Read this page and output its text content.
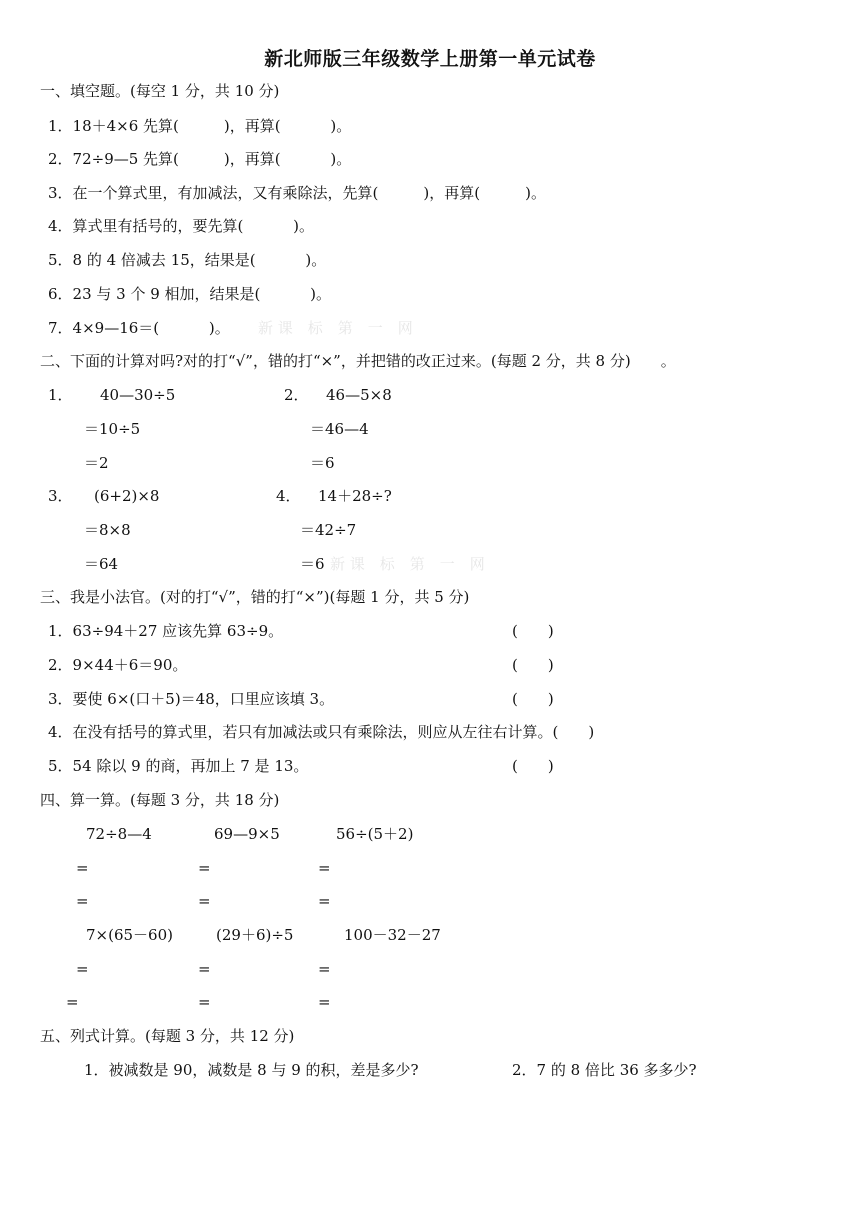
新北师版三年级数学上册第一单元试卷
一、填空题。(每空 1 分，共 10 分)
1．18＋4×6 先算(　　　)，再算(　　　 )。
2．72÷9—5 先算(　　　)，再算(　　　 )。
3．在一个算式里，有加减法，又有乘除法，先算(　　　)，再算(　　　)。
4．算式里有括号的，要先算(　　　 )。
5．8 的 4 倍减去 15，结果是(　　　 )。
6．23 与 3 个 9 相加，结果是(　　　 )。
7．4×9—16＝(　　　 )。 新 课　标　第　一　网
二、下面的计算对吗?对的打“√”，错的打“×”，并把错的改正过来。(每题 2 分，共 8 分)　　。
1． 40—30÷5
＝10÷5
＝2
2． 46—5×8
＝46—4
＝6
3． (6+2)×8
＝8×8
＝64
4． 14＋28÷?
＝42÷7
＝6 新 课　标　第　一　网
三、我是小法官。(对的打“√”，错的打“×”)(每题 1 分，共 5 分)
1．63÷94＋27 应该先算 63÷9。	(　　)
2．9×44＋6＝90。	(　　)
3．要使 6×(口＋5)＝48，口里应该填 3。	(　　)
4．在没有括号的算式里，若只有加减法或只有乘除法，则应从左往右计算。(　　)
5．54 除以 9 的商，再加上 7 是 13。	(　　)
四、算一算。(每题 3 分，共 18 分)
72÷8—4	69—9×5	56÷(5＋2)
=	=	=
=	=	=
7×(65－60)	(29＋6)÷5	100－32－27
=	=	=
=	=	=
五、列式计算。(每题 3 分，共 12 分)
1．被减数是 90，减数是 8 与 9 的积，差是多少?	2．7 的 8 倍比 36 多多少?
